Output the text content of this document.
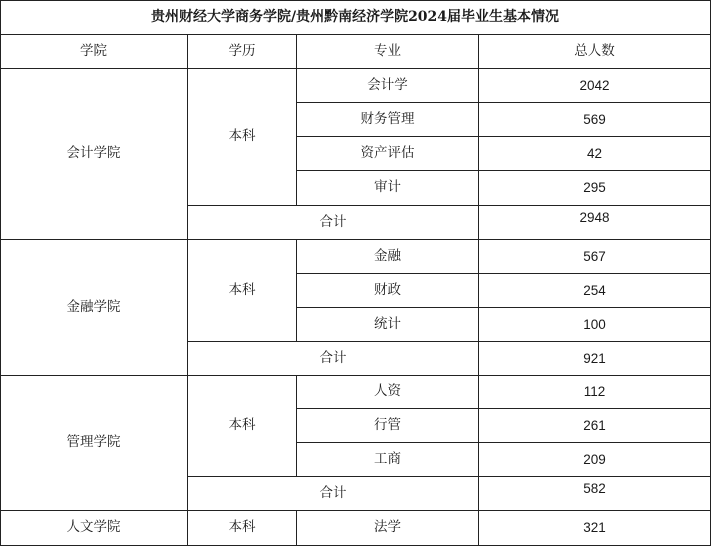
贵州财经大学商务学院/贵州黔南经济学院2024届毕业生基本情况
学院	学历	专业	总人数
会计学院
本科
会计学	2042
财务管理	569
资产评估	42
审计	295
合计	2948
金融学院
本科
金融	567
财政	254
统计	100
合计	921
管理学院
本科
人资	112
行管	261
工商	209
合计	582
人文学院	本科	法学	321
